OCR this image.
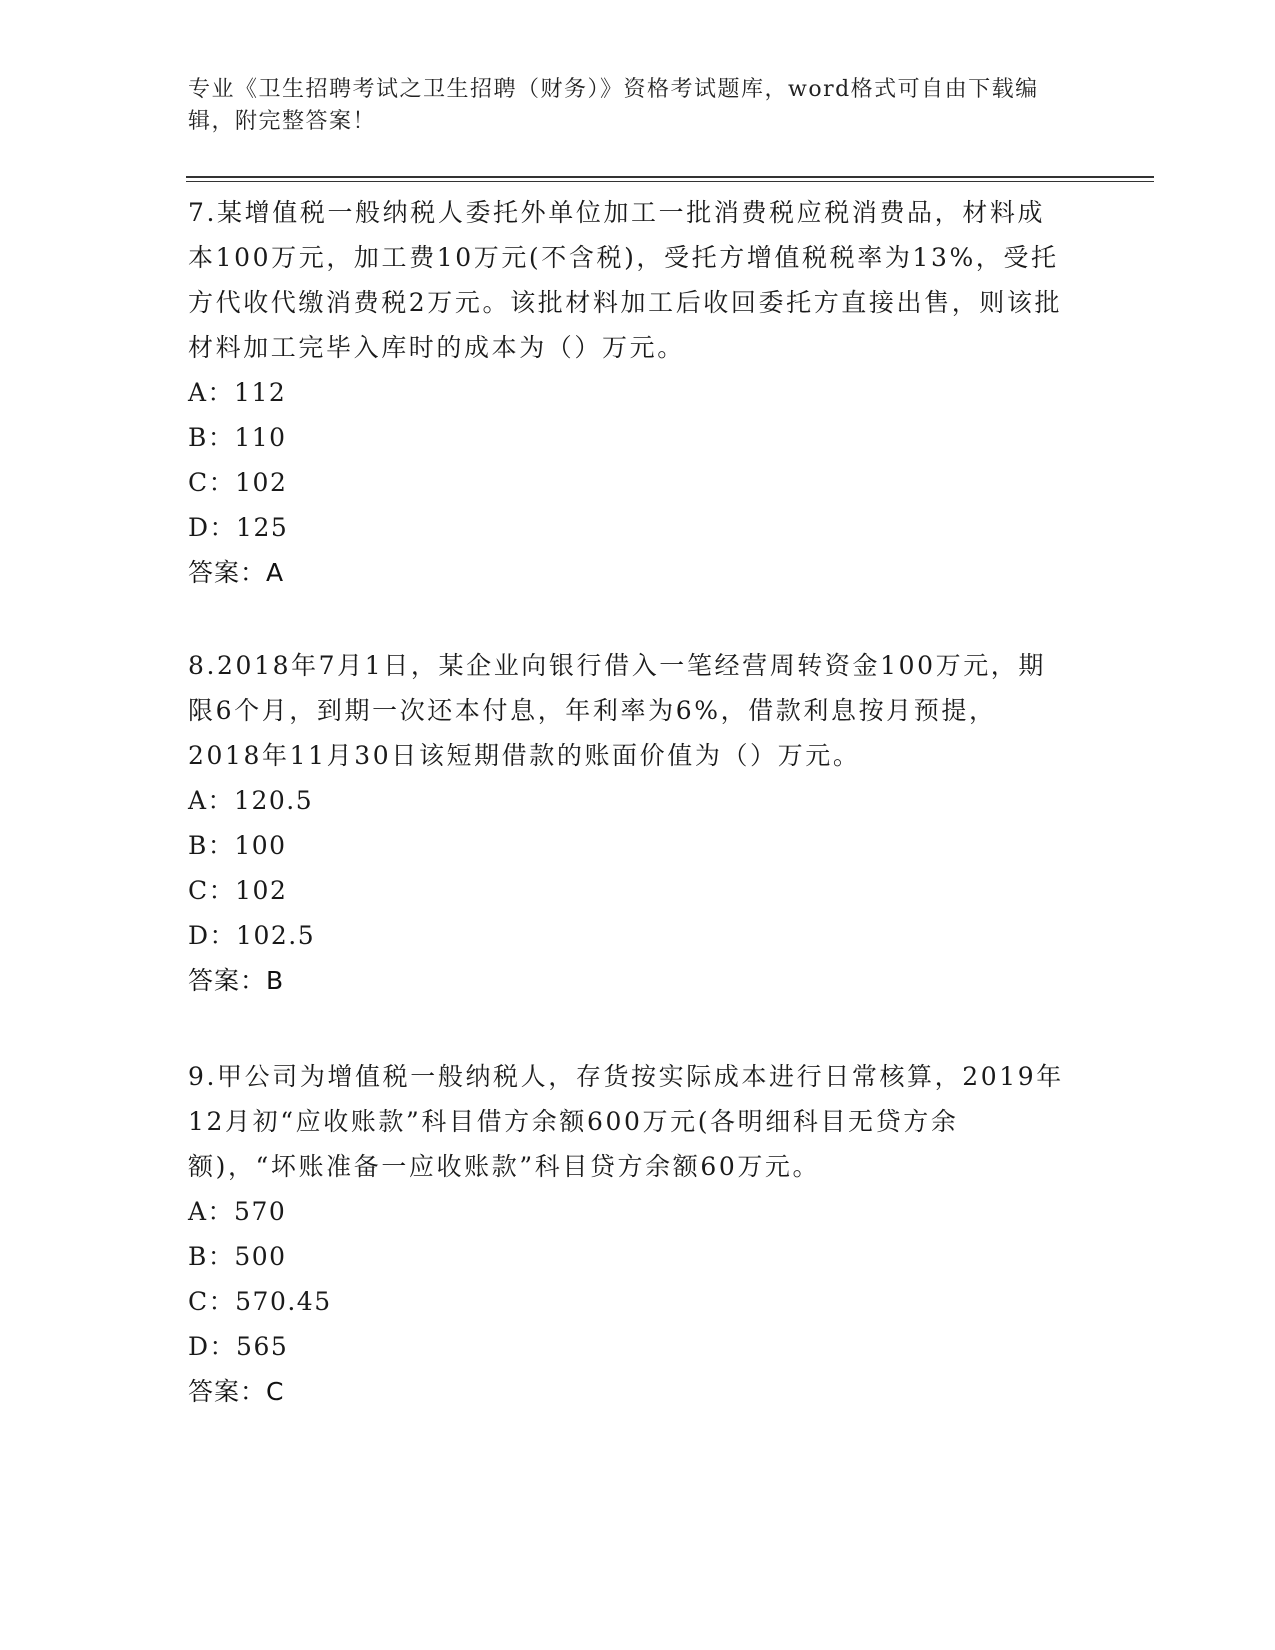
专业《卫生招聘考试之卫生招聘（财务）》资格考试题库，word格式可自由下载编辑，附完整答案！

7.某增值税一般纳税人委托外单位加工一批消费税应税消费品，材料成本100万元，加工费10万元(不含税)，受托方增值税税率为13%，受托方代收代缴消费税2万元。该批材料加工后收回委托方直接出售，则该批材料加工完毕入库时的成本为（）万元。

A：112

B：110

C：102

D：125

答案：A

8.2018年7月1日，某企业向银行借入一笔经营周转资金100万元，期限6个月，到期一次还本付息，年利率为6%，借款利息按月预提，2018年11月30日该短期借款的账面价值为（）万元。

A：120.5

B：100

C：102

D：102.5

答案：B

9.甲公司为增值税一般纳税人，存货按实际成本进行日常核算，2019年12月初“应收账款”科目借方余额600万元(各明细科目无贷方余额)，“坏账准备一应收账款”科目贷方余额60万元。

A：570

B：500

C：570.45

D：565

答案：C
